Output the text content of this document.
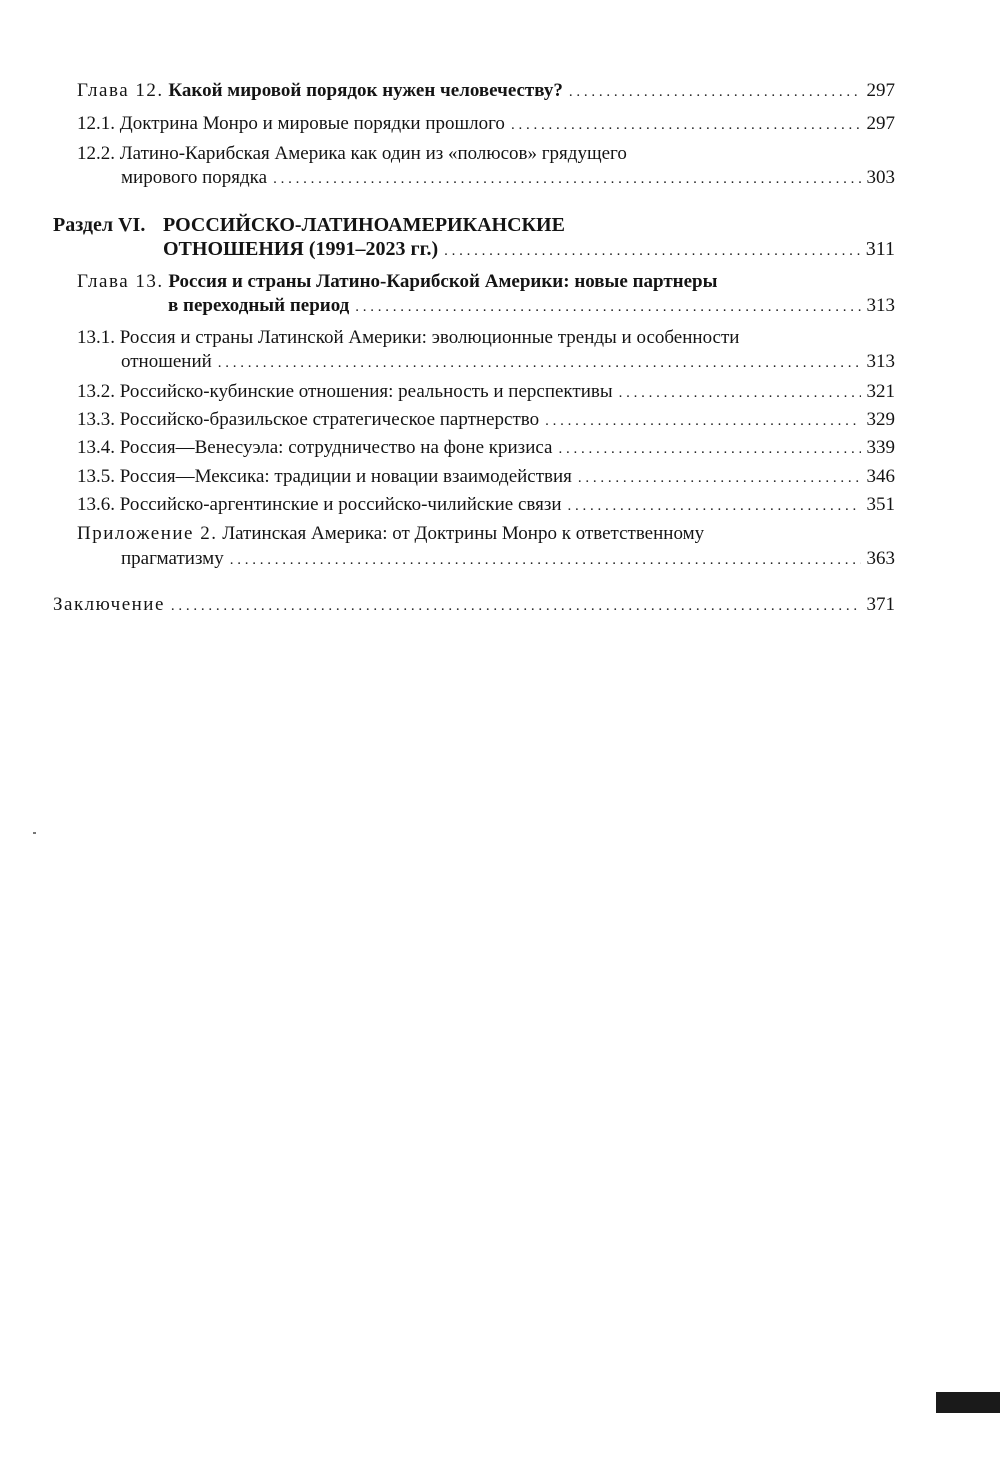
Глава 12. Какой мировой порядок нужен человечеству? . . .	297
12.1. Доктрина Монро и мировые порядки прошлого . . .	297
12.2. Латино-Карибская Америка как один из «полюсов» грядущего
мирового порядка . . .	303
Раздел VI. РОССИЙСКО-ЛАТИНОАМЕРИКАНСКИЕ
ОТНОШЕНИЯ (1991–2023 гг.) . . .	311
Глава 13. Россия и страны Латино-Карибской Америки: новые партнеры
в переходный период . . .	313
13.1. Россия и страны Латинской Америки: эволюционные тренды и особенности
отношений . . .	313
13.2. Российско-кубинские отношения: реальность и перспективы . . .	321
13.3. Российско-бразильское стратегическое партнерство . . .	329
13.4. Россия—Венесуэла: сотрудничество на фоне кризиса . . .	339
13.5. Россия—Мексика: традиции и новации взаимодействия . . .	346
13.6. Российско-аргентинские и российско-чилийские связи . . .	351
Приложение 2. Латинская Америка: от Доктрины Монро к ответственному
прагматизму . . .	363
Заключение . . .	371
